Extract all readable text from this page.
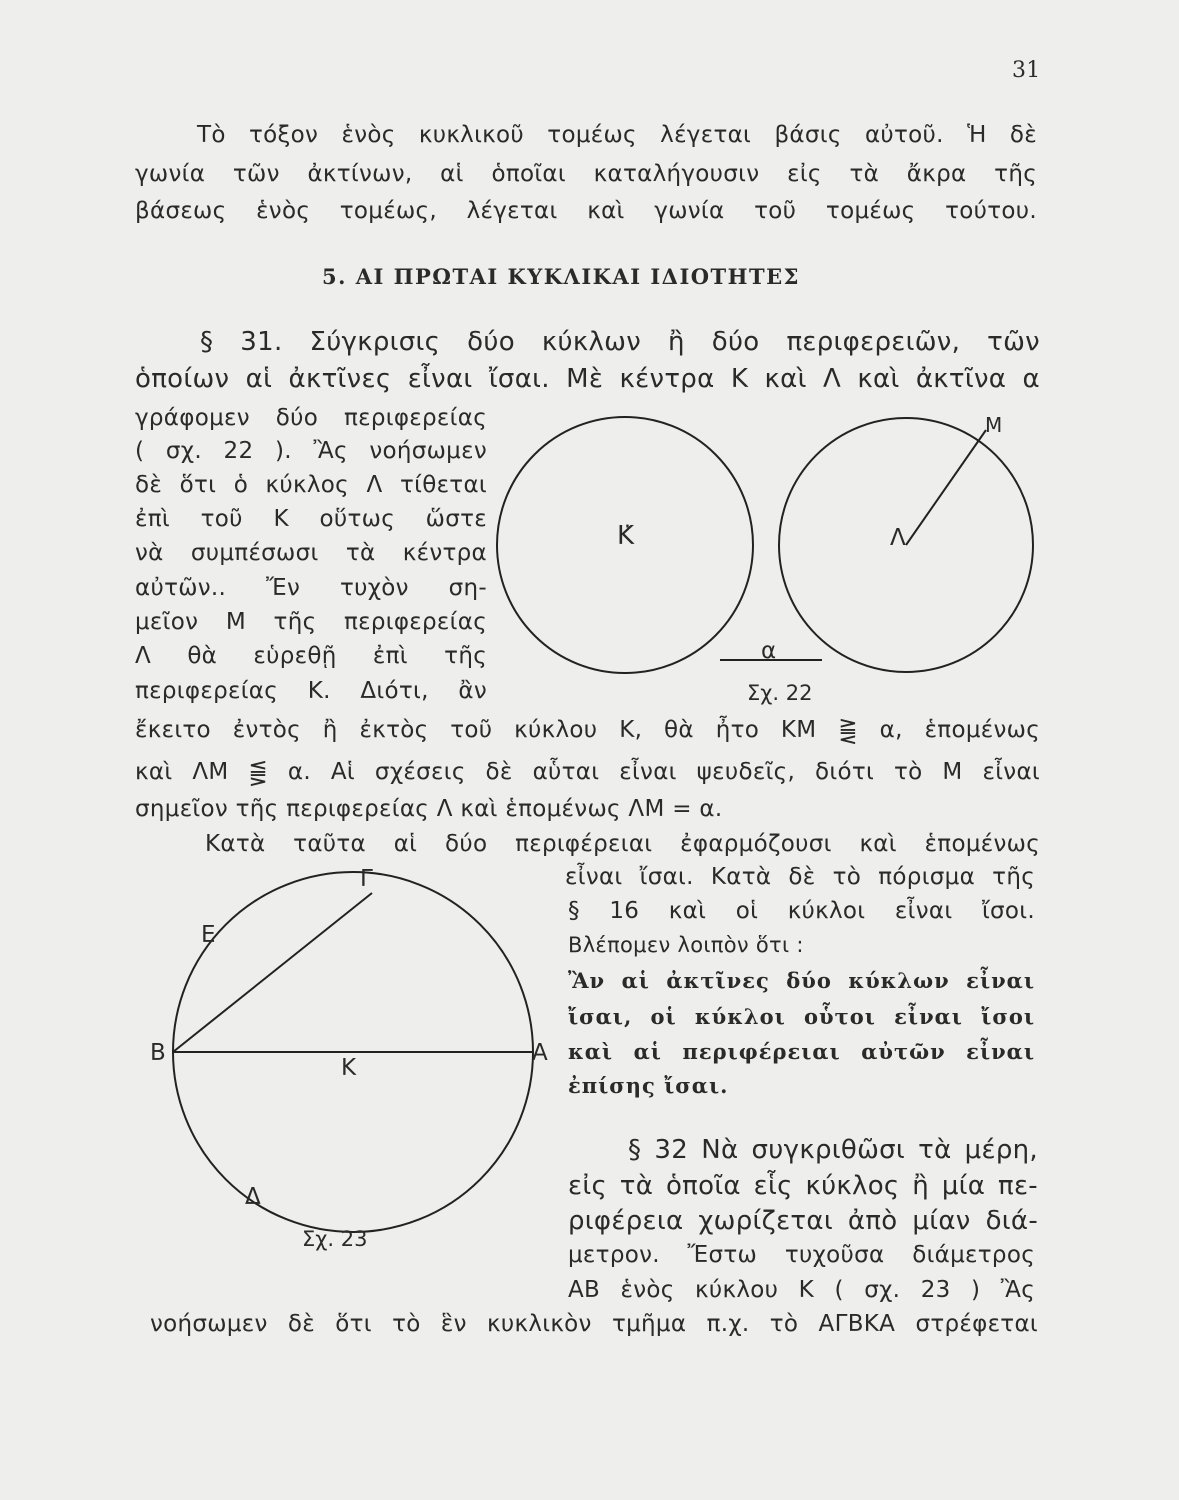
31
Τὸ τόξον ἑνὸς κυκλικοῦ τομέως λέγεται βάσις αὐτοῦ. Ἡ δὲ
γωνία τῶν ἀκτίνων, αἱ ὁποῖαι καταλήγουσιν εἰς τὰ ἄκρα τῆς
βάσεως ἑνὸς τομέως, λέγεται καὶ γωνία τοῦ τομέως τούτου.
5. ΑΙ ΠΡΩΤΑΙ ΚΥΚΛΙΚΑΙ ΙΔΙΟΤΗΤΕΣ
§ 31. Σύγκρισις δύο κύκλων ἢ δύο περιφερειῶν, τῶν
ὁποίων αἱ ἀκτῖνες εἶναι ἴσαι. Μὲ κέντρα Κ καὶ Λ καὶ ἀκτῖνα α
γράφομεν δύο περιφερείας
( σχ. 22 ). Ἂς νοήσωμεν
δὲ ὅτι ὁ κύκλος Λ τίθεται
ἐπὶ τοῦ Κ οὕτως ὥστε
νὰ συμπέσωσι τὰ κέντρα
αὐτῶν.. Ἔν τυχὸν ση-
μεῖον Μ τῆς περιφερείας
Λ θὰ εὑρεθῇ ἐπὶ τῆς
περιφερείας Κ. Διότι, ἂν
Κ̇	Λ
Μ
α
Σχ. 22
ἔκειτο ἐντὸς ἢ ἐκτὸς τοῦ κύκλου Κ, θὰ ἦτο ΚΜ ⪌ α, ἑπομένως
καὶ ΛΜ ⪋ α. Αἱ σχέσεις δὲ αὗται εἶναι ψευδεῖς, διότι τὸ Μ εἶναι
σημεῖον τῆς περιφερείας Λ καὶ ἑπομένως ΛΜ = α.
Κατὰ ταῦτα αἱ δύο περιφέρειαι ἐφαρμόζουσι καὶ ἑπομένως
εἶναι ἴσαι. Κατὰ δὲ τὸ πόρισμα τῆς
§ 16 καὶ οἱ κύκλοι εἶναι ἴσοι.
Βλέπομεν λοιπὸν ὅτι :
Ἂν αἱ ἀκτῖνες δύο κύκλων εἶναι
ἴσαι, οἱ κύκλοι οὗτοι εἶναι ἴσοι
καὶ αἱ περιφέρειαι αὐτῶν εἶναι
ἐπίσης ἴσαι.
Γ
Ε
Β	Α
Κ
Δ
Σχ. 23
§ 32 Νὰ συγκριθῶσι τὰ μέρη,
εἰς τὰ ὁποῖα εἷς κύκλος ἢ μία πε-
ριφέρεια χωρίζεται ἀπὸ μίαν διά-
μετρον. Ἔστω τυχοῦσα διάμετρος
ΑΒ ἑνὸς κύκλου Κ ( σχ. 23 ) Ἂς
νοήσωμεν δὲ ὅτι τὸ ἓν κυκλικὸν τμῆμα π.χ. τὸ ΑΓΒΚΑ στρέφεται
